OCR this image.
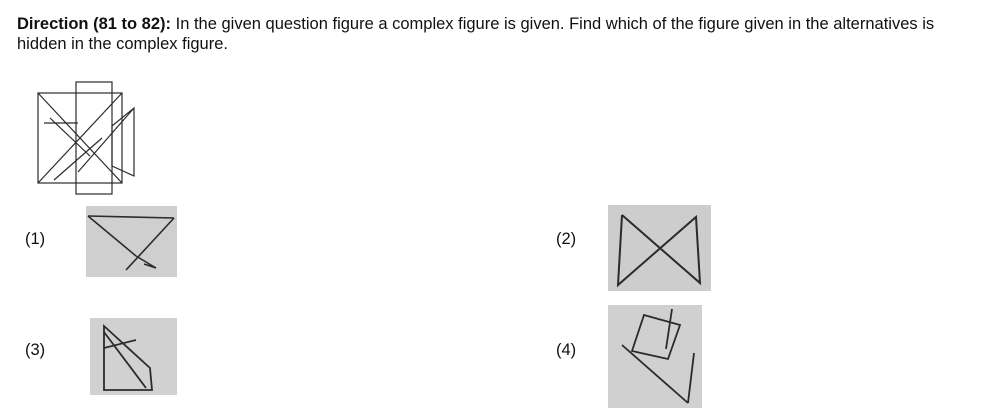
Direction (81 to 82): In the given question figure a complex figure is given. Find which of the figure given in the alternatives is hidden in the complex figure.
(1)	(2)
(3)	(4)
